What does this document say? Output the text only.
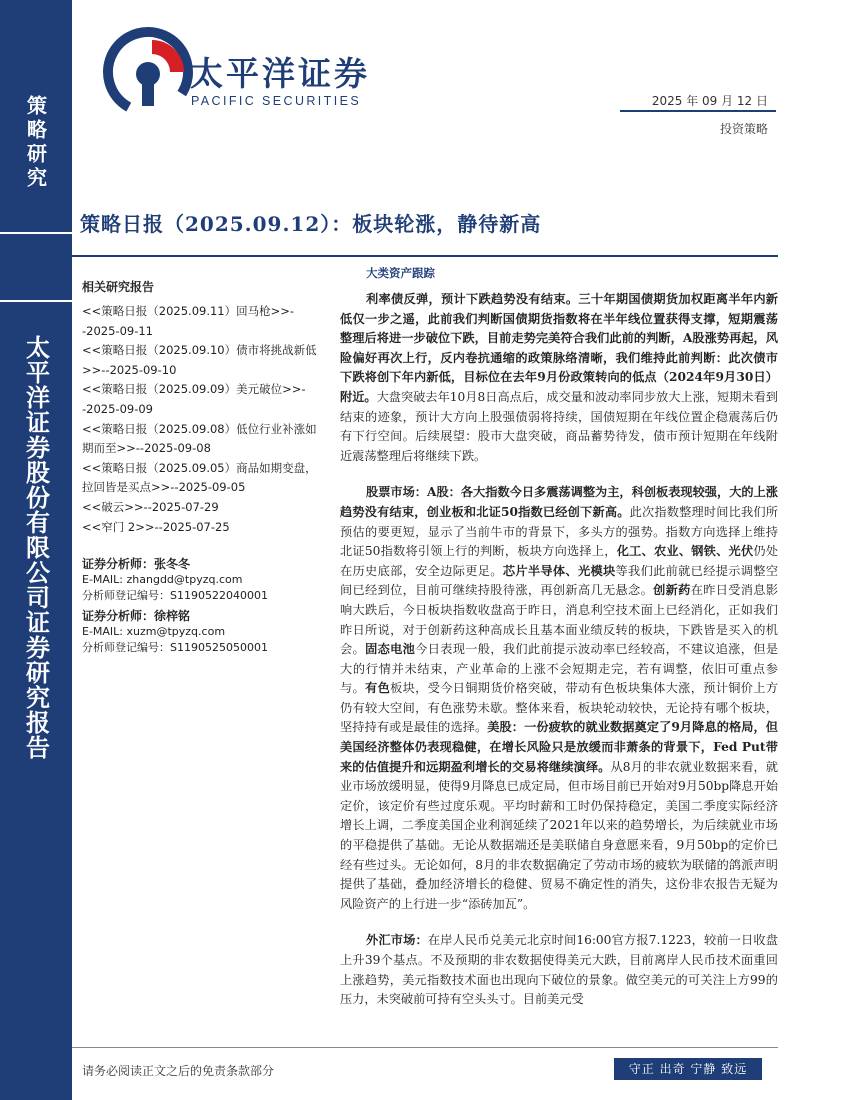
策略研究
太平洋证券股份有限公司证券研究报告
太平洋证券
PACIFIC SECURITIES	2025 年 09 月 12 日
投资策略
策略日报（2025.09.12）：板块轮涨，静待新高
相关研究报告
<<策略日报（2025.09.11）回马枪>>--2025-09-11
<<策略日报（2025.09.10）债市将挑战新低>>--2025-09-10
<<策略日报（2025.09.09）美元破位>>--2025-09-09
<<策略日报（2025.09.08）低位行业补涨如期而至>>--2025-09-08
<<策略日报（2025.09.05）商品如期变盘，拉回皆是买点>>--2025-09-05
<<破云>>--2025-07-29
<<窄门 2>>--2025-07-25
证券分析师：张冬冬
E-MAIL: zhangdd@tpyzq.com
分析师登记编号：S1190522040001
证券分析师：徐梓铭
E-MAIL: xuzm@tpyzq.com
分析师登记编号：S1190525050001
大类资产跟踪

利率债反弹，预计下跌趋势没有结束。三十年期国债期货加权距离半年内新低仅一步之遥，此前我们判断国债期货指数将在半年线位置获得支撑，短期震荡整理后将进一步破位下跌，目前走势完美符合我们此前的判断，A股涨势再起，风险偏好再次上行，反内卷抗通缩的政策脉络清晰，我们维持此前判断：此次债市下跌将创下年内新低，目标位在去年9月份政策转向的低点（2024年9月30日）附近。大盘突破去年10月8日高点后，成交量和波动率同步放大上涨，短期未看到结束的迹象，预计大方向上股强债弱将持续，国债短期在年线位置企稳震荡后仍有下行空间。后续展望：股市大盘突破，商品蓄势待发，债市预计短期在年线附近震荡整理后将继续下跌。

股票市场：A股：各大指数今日多震荡调整为主，科创板表现较强，大的上涨趋势没有结束，创业板和北证50指数已经创下新高。此次指数整理时间比我们所预估的要更短，显示了当前牛市的背景下，多头方的强势。指数方向选择上维持北证50指数将引领上行的判断，板块方向选择上，化工、农业、钢铁、光伏仍处在历史底部，安全边际更足。芯片半导体、光模块等我们此前就已经提示调整空间已经到位，目前可继续持股待涨，再创新高几无悬念。创新药在昨日受消息影响大跌后，今日板块指数收盘高于昨日，消息利空技术面上已经消化，正如我们昨日所说，对于创新药这种高成长且基本面业绩反转的板块，下跌皆是买入的机会。固态电池今日表现一般，我们此前提示波动率已经较高，不建议追涨，但是大的行情并未结束，产业革命的上涨不会短期走完，若有调整，依旧可重点参与。有色板块，受今日铜期货价格突破，带动有色板块集体大涨，预计铜价上方仍有较大空间，有色涨势未歇。整体来看，板块轮动较快，无论持有哪个板块，坚持持有或是最佳的选择。美股：一份疲软的就业数据奠定了9月降息的格局，但美国经济整体仍表现稳健，在增长风险只是放缓而非萧条的背景下，Fed Put带来的估值提升和远期盈利增长的交易将继续演绎。从8月的非农就业数据来看，就业市场放缓明显，使得9月降息已成定局，但市场目前已开始对9月50bp降息开始定价，该定价有些过度乐观。平均时薪和工时仍保持稳定，美国二季度实际经济增长上调，二季度美国企业利润延续了2021年以来的趋势增长，为后续就业市场的平稳提供了基础。无论从数据端还是美联储自身意愿来看，9月50bp的定价已经有些过头。无论如何，8月的非农数据确定了劳动市场的疲软为联储的鸽派声明提供了基础，叠加经济增长的稳健、贸易不确定性的消失，这份非农报告无疑为风险资产的上行进一步“添砖加瓦”。

外汇市场：在岸人民币兑美元北京时间16:00官方报7.1223，较前一日收盘上升39个基点。不及预期的非农数据使得美元大跌，目前离岸人民币技术面重回上涨趋势，美元指数技术面也出现向下破位的景象。做空美元的可关注上方99的压力，未突破前可持有空头头寸。目前美元受

请务必阅读正文之后的免责条款部分	守正 出奇 宁静 致远
